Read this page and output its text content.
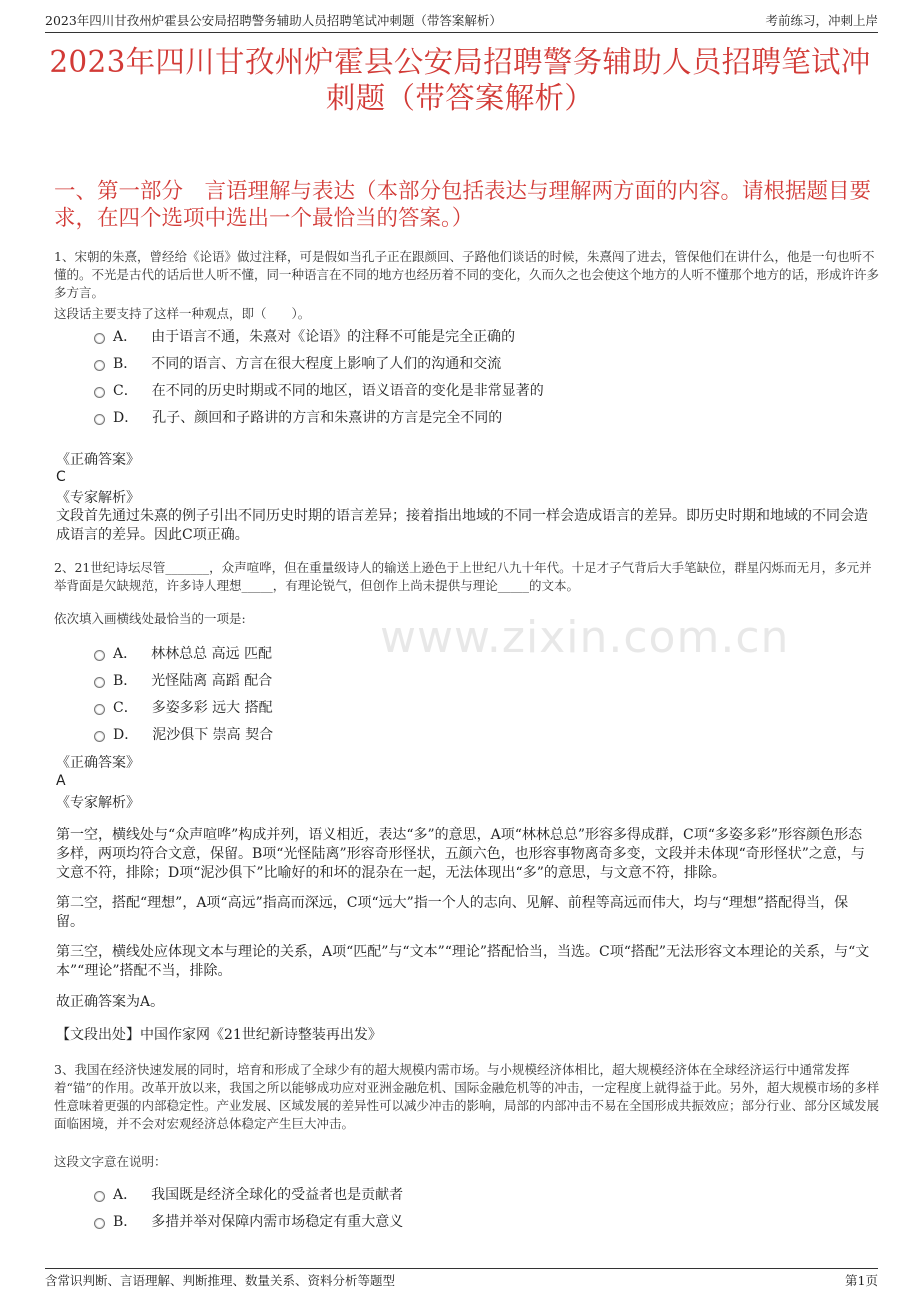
2023年四川甘孜州炉霍县公安局招聘警务辅助人员招聘笔试冲刺题（带答案解析）	考前练习，冲刺上岸
2023年四川甘孜州炉霍县公安局招聘警务辅助人员招聘笔试冲刺题（带答案解析）
一、第一部分　言语理解与表达（本部分包括表达与理解两方面的内容。请根据题目要求，在四个选项中选出一个最恰当的答案。）
www.zixin.com.cn
1、宋朝的朱熹，曾经给《论语》做过注释，可是假如当孔子正在跟颜回、子路他们谈话的时候，朱熹闯了进去，管保他们在讲什么，他是一句也听不懂的。不光是古代的话后世人听不懂，同一种语言在不同的地方也经历着不同的变化，久而久之也会使这个地方的人听不懂那个地方的话，形成许许多多方言。
这段话主要支持了这样一种观点，即（　　）。
A． 由于语言不通，朱熹对《论语》的注释不可能是完全正确的
B． 不同的语言、方言在很大程度上影响了人们的沟通和交流
C． 在不同的历史时期或不同的地区，语义语音的变化是非常显著的
D． 孔子、颜回和子路讲的方言和朱熹讲的方言是完全不同的
《正确答案》
C
《专家解析》
文段首先通过朱熹的例子引出不同历史时期的语言差异；接着指出地域的不同一样会造成语言的差异。即历史时期和地域的不同会造成语言的差异。因此C项正确。
2、21世纪诗坛尽管_______，众声喧哗，但在重量级诗人的输送上逊色于上世纪八九十年代。十足才子气背后大手笔缺位，群星闪烁而无月，多元并举背面是欠缺规范，许多诗人理想_____，有理论锐气，但创作上尚未提供与理论_____的文本。
依次填入画横线处最恰当的一项是:
A． 林林总总 高远 匹配
B． 光怪陆离 高蹈 配合
C． 多姿多彩 远大 搭配
D． 泥沙俱下 崇高 契合
《正确答案》
A
《专家解析》
第一空，横线处与“众声喧哗”构成并列，语义相近，表达“多”的意思，A项“林林总总”形容多得成群，C项“多姿多彩”形容颜色形态多样，两项均符合文意，保留。B项“光怪陆离”形容奇形怪状，五颜六色，也形容事物离奇多变，文段并未体现“奇形怪状”之意，与文意不符，排除；D项“泥沙俱下”比喻好的和坏的混杂在一起，无法体现出“多”的意思，与文意不符，排除。
第二空，搭配“理想”，A项“高远”指高而深远，C项“远大”指一个人的志向、见解、前程等高远而伟大，均与“理想”搭配得当，保留。
第三空，横线处应体现文本与理论的关系，A项“匹配”与“文本”“理论”搭配恰当，当选。C项“搭配”无法形容文本理论的关系，与“文本”“理论”搭配不当，排除。
故正确答案为A。
【文段出处】中国作家网《21世纪新诗整装再出发》
3、我国在经济快速发展的同时，培育和形成了全球少有的超大规模内需市场。与小规模经济体相比，超大规模经济体在全球经济运行中通常发挥着“锚”的作用。改革开放以来，我国之所以能够成功应对亚洲金融危机、国际金融危机等的冲击，一定程度上就得益于此。另外，超大规模市场的多样性意味着更强的内部稳定性。产业发展、区域发展的差异性可以减少冲击的影响，局部的内部冲击不易在全国形成共振效应；部分行业、部分区域发展面临困境，并不会对宏观经济总体稳定产生巨大冲击。
这段文字意在说明：
A． 我国既是经济全球化的受益者也是贡献者
B． 多措并举对保障内需市场稳定有重大意义
含常识判断、言语理解、判断推理、数量关系、资料分析等题型	第1页
